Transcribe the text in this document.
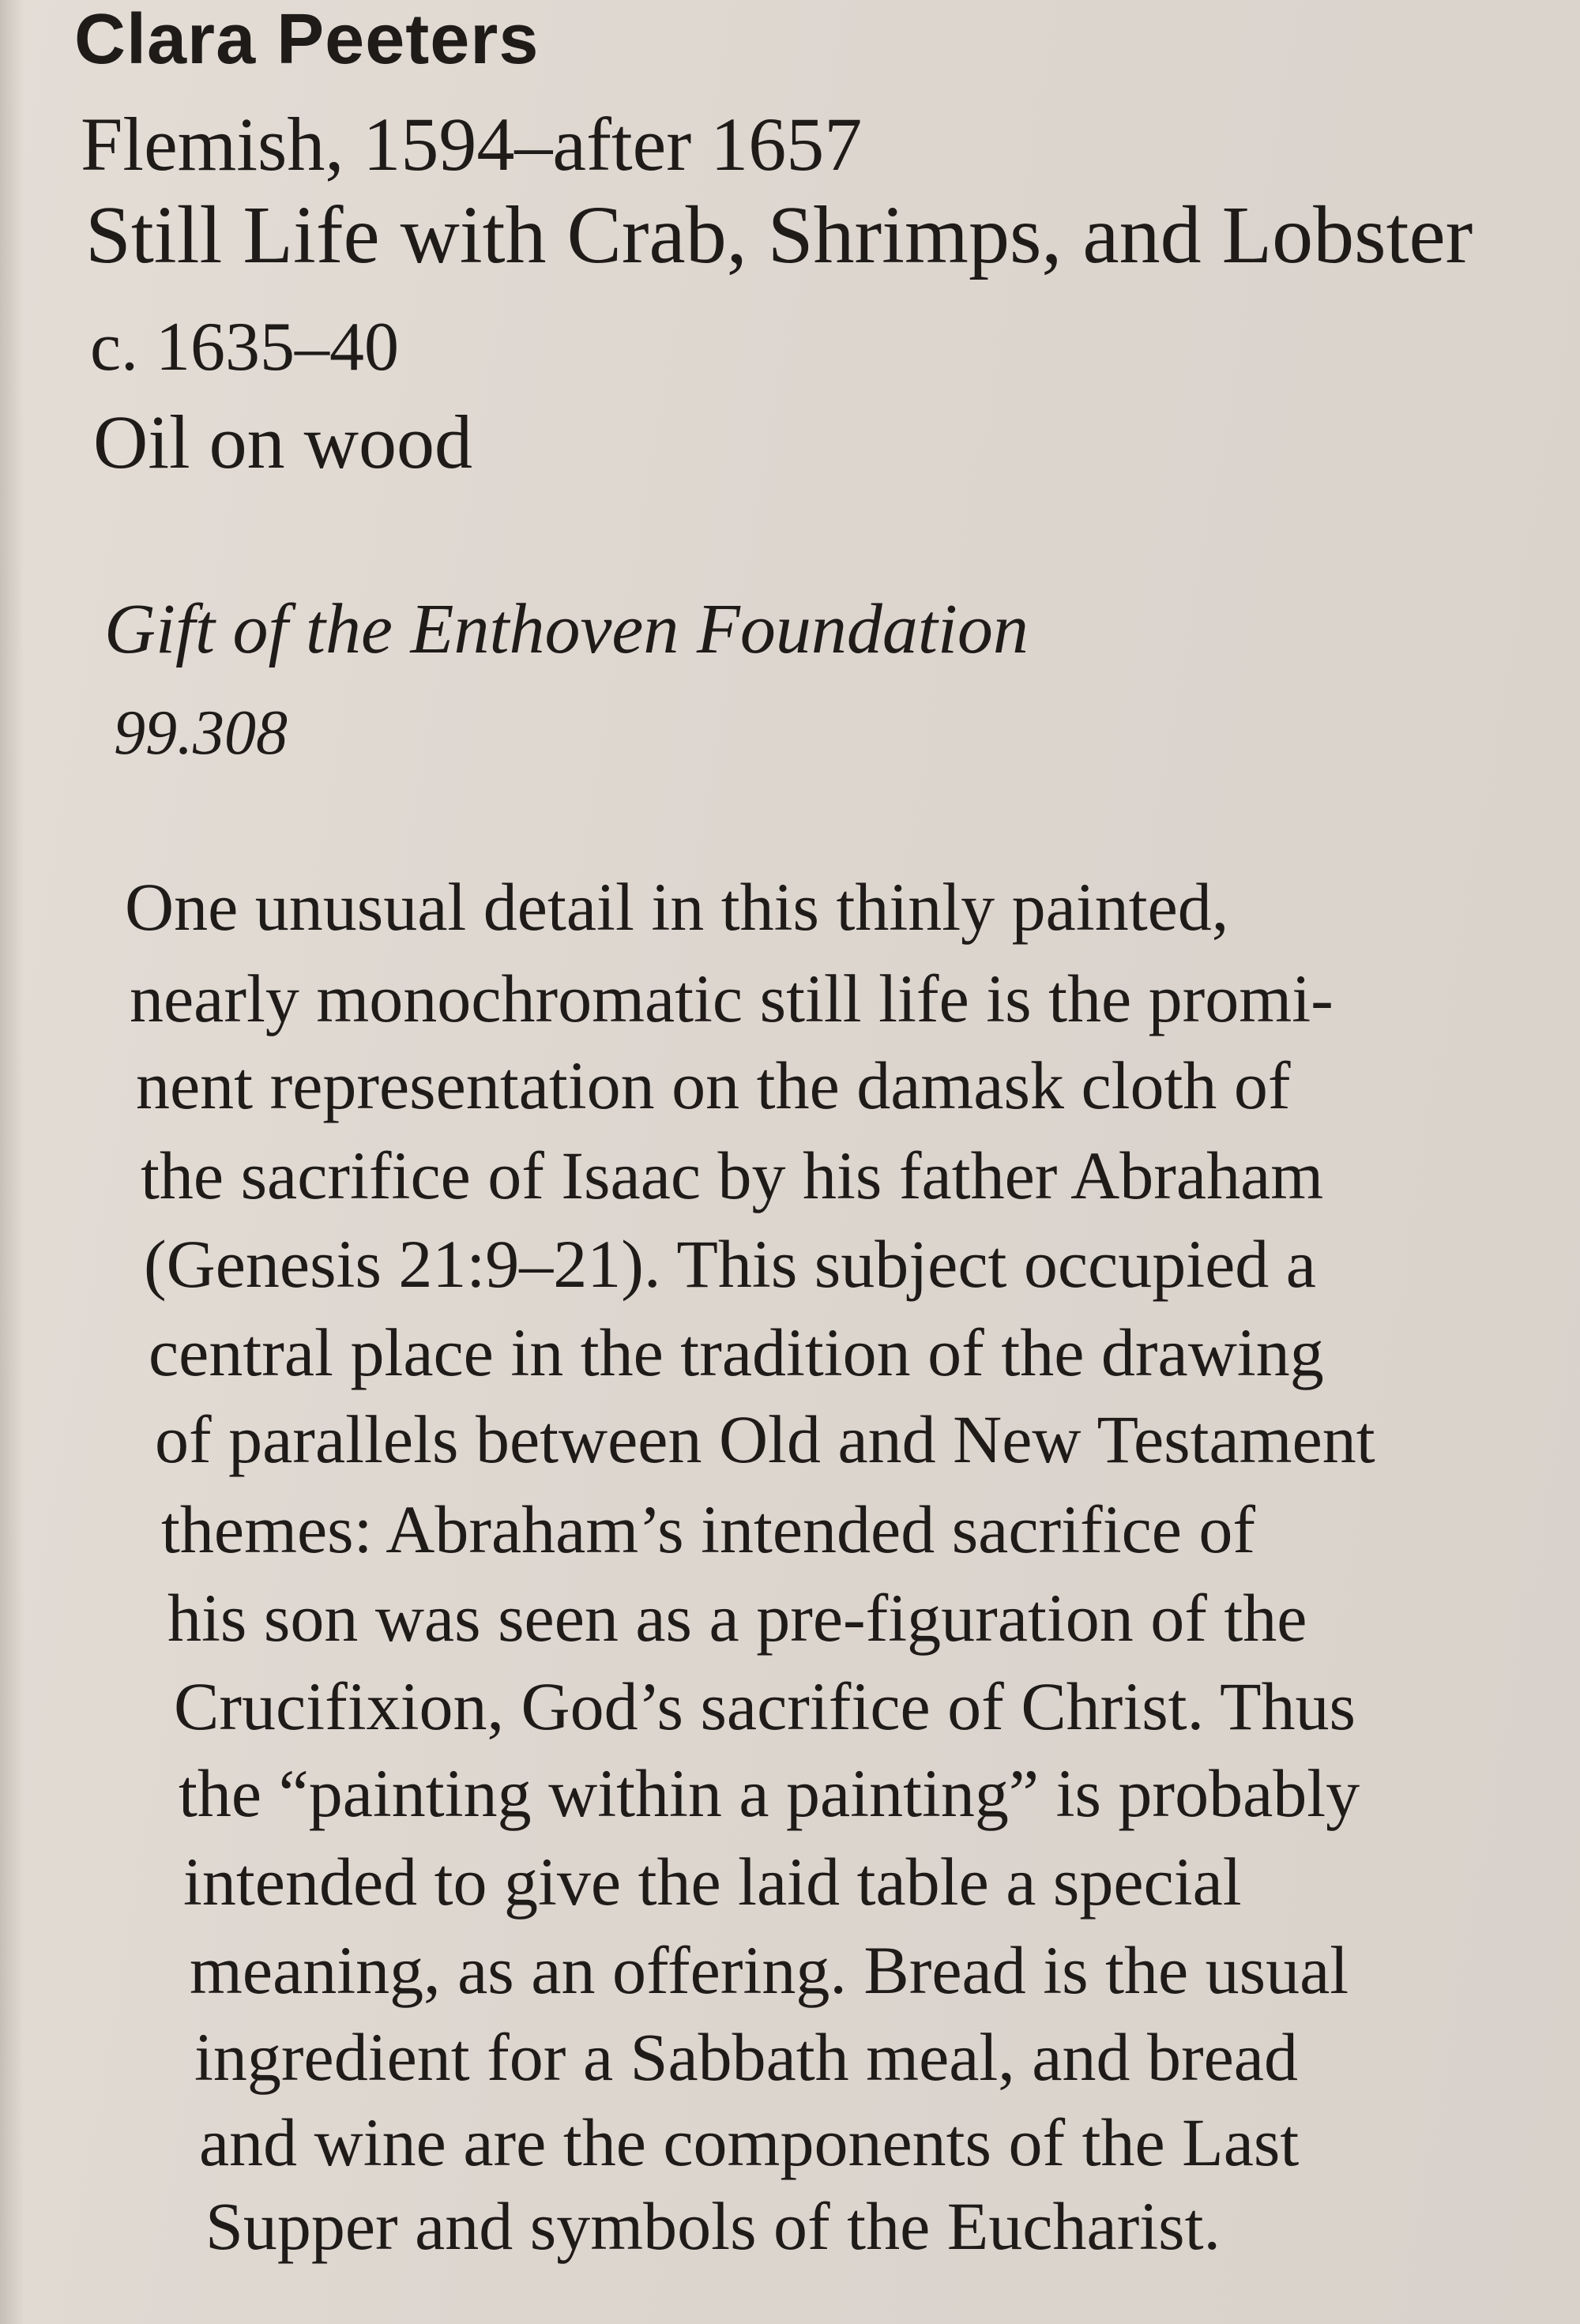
Clara Peeters

Flemish, 1594–after 1657

Still Life with Crab, Shrimps, and Lobster

c. 1635–40

Oil on wood

Gift of the Enthoven Foundation

99.308

One unusual detail in this thinly painted,

nearly monochromatic still life is the promi-

nent representation on the damask cloth of

the sacrifice of Isaac by his father Abraham

(Genesis 21:9–21). This subject occupied a

central place in the tradition of the drawing

of parallels between Old and New Testament

themes: Abraham’s intended sacrifice of

his son was seen as a pre-figuration of the

Crucifixion, God’s sacrifice of Christ. Thus

the “painting within a painting” is probably

intended to give the laid table a special

meaning, as an offering. Bread is the usual

ingredient for a Sabbath meal, and bread

and wine are the components of the Last

Supper and symbols of the Eucharist.
